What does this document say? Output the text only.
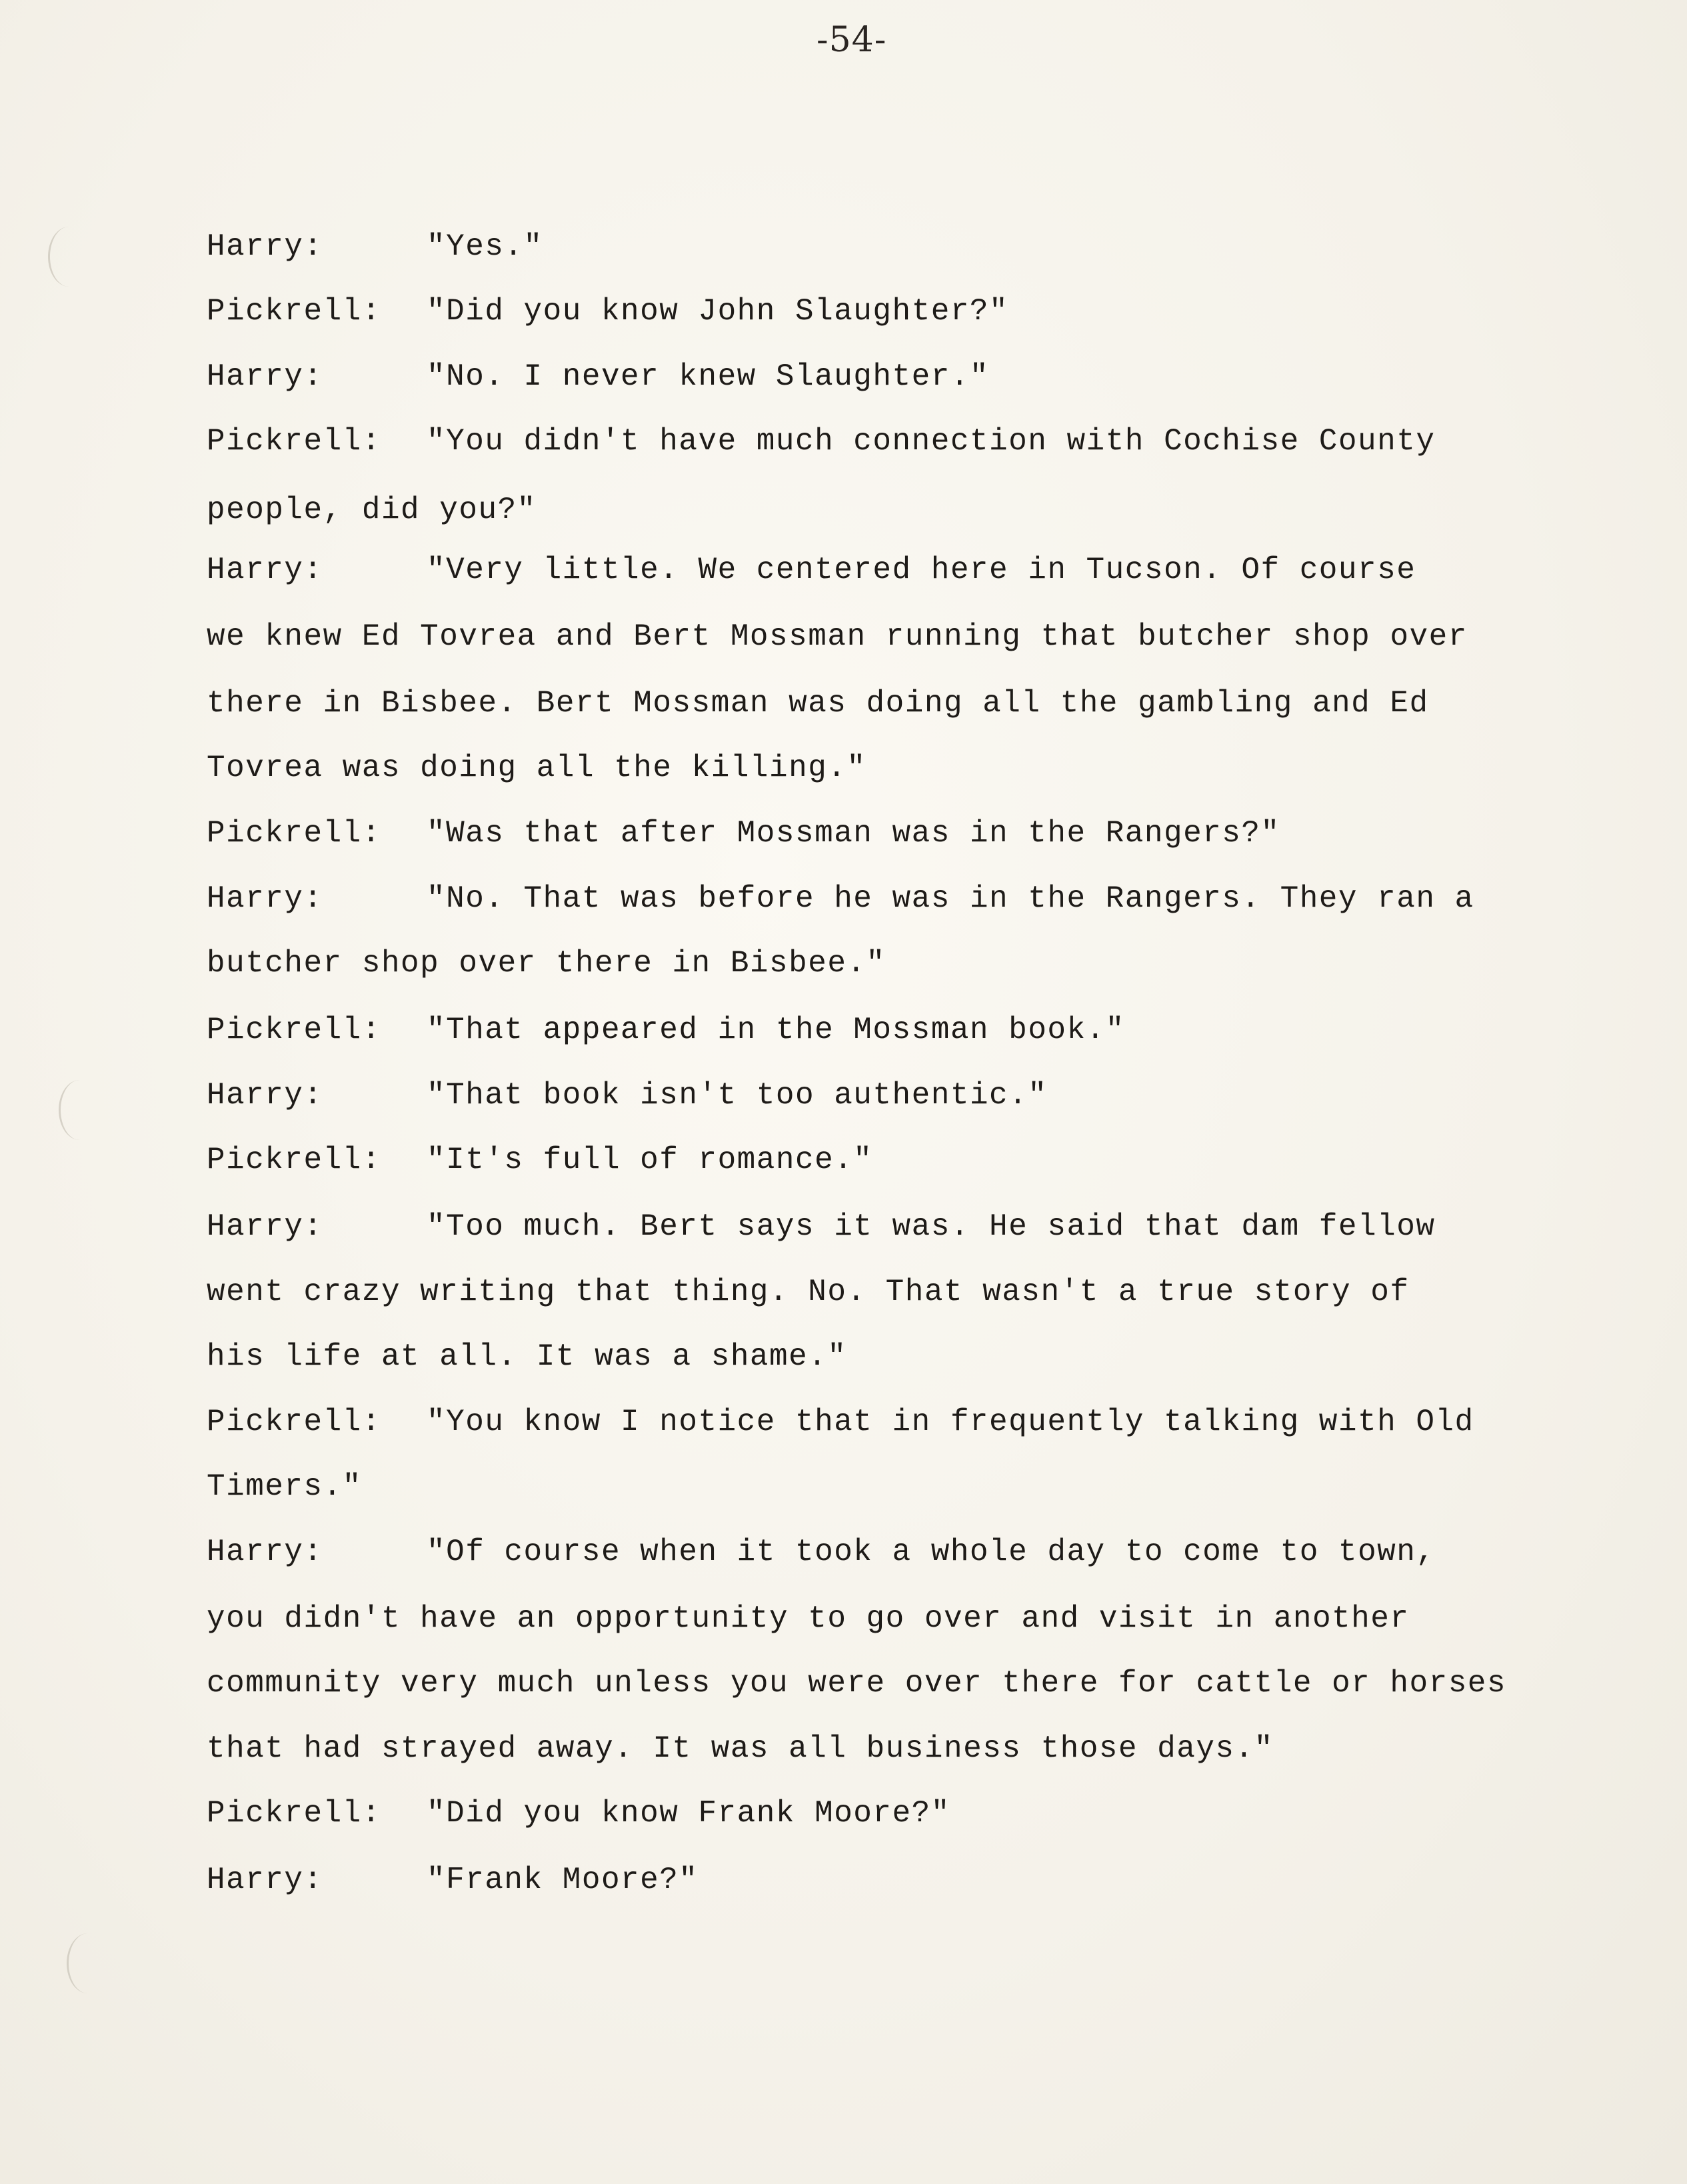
-54-
Harry:	"Yes."
Pickrell: "Did you know John Slaughter?"
Harry:	"No. I never knew Slaughter."
Pickrell: "You didn't have much connection with Cochise County
people, did you?"
Harry:	"Very little. We centered here in Tucson. Of course
we knew Ed Tovrea and Bert Mossman running that butcher shop over
there in Bisbee. Bert Mossman was doing all the gambling and Ed
Tovrea was doing all the killing."
Pickrell: "Was that after Mossman was in the Rangers?"
Harry:	"No. That was before he was in the Rangers. They ran a
butcher shop over there in Bisbee."
Pickrell: "That appeared in the Mossman book."
Harry:	"That book isn't too authentic."
Pickrell: "It's full of romance."
Harry:	"Too much. Bert says it was. He said that dam fellow
went crazy writing that thing. No. That wasn't a true story of
his life at all. It was a shame."
Pickrell: "You know I notice that in frequently talking with Old
Timers."
Harry:	"Of course when it took a whole day to come to town,
you didn't have an opportunity to go over and visit in another
community very much unless you were over there for cattle or horses
that had strayed away. It was all business those days."
Pickrell: "Did you know Frank Moore?"
Harry:	"Frank Moore?"
